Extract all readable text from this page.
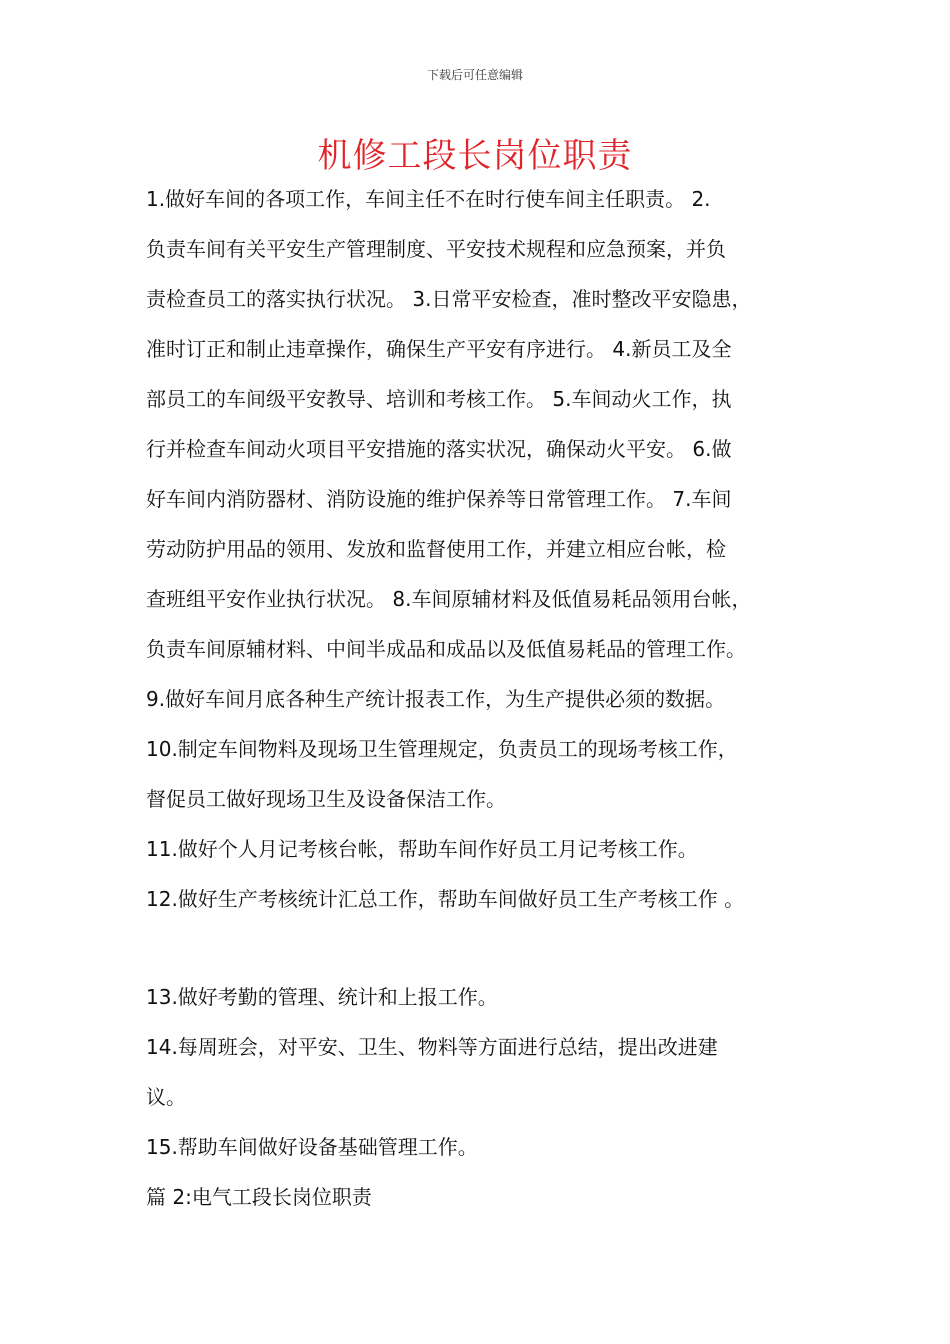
下载后可任意编辑
机修工段长岗位职责
1.做好车间的各项工作，车间主任不在时行使车间主任职责。 2.
负责车间有关平安生产管理制度、平安技术规程和应急预案，并负
责检查员工的落实执行状况。 3.日常平安检查，准时整改平安隐患，
准时订正和制止违章操作，确保生产平安有序进行。 4.新员工及全
部员工的车间级平安教导、培训和考核工作。 5.车间动火工作，执
行并检查车间动火项目平安措施的落实状况，确保动火平安。 6.做
好车间内消防器材、消防设施的维护保养等日常管理工作。 7.车间
劳动防护用品的领用、发放和监督使用工作，并建立相应台帐，检
查班组平安作业执行状况。 8.车间原辅材料及低值易耗品领用台帐，
负责车间原辅材料、中间半成品和成品以及低值易耗品的管理工作。
9.做好车间月底各种生产统计报表工作，为生产提供必须的数据。
10.制定车间物料及现场卫生管理规定，负责员工的现场考核工作，
督促员工做好现场卫生及设备保洁工作。
11.做好个人月记考核台帐，帮助车间作好员工月记考核工作。
12.做好生产考核统计汇总工作，帮助车间做好员工生产考核工作 。
13.做好考勤的管理、统计和上报工作。
14.每周班会，对平安、卫生、物料等方面进行总结，提出改进建
议。
15.帮助车间做好设备基础管理工作。
篇 2:电气工段长岗位职责
